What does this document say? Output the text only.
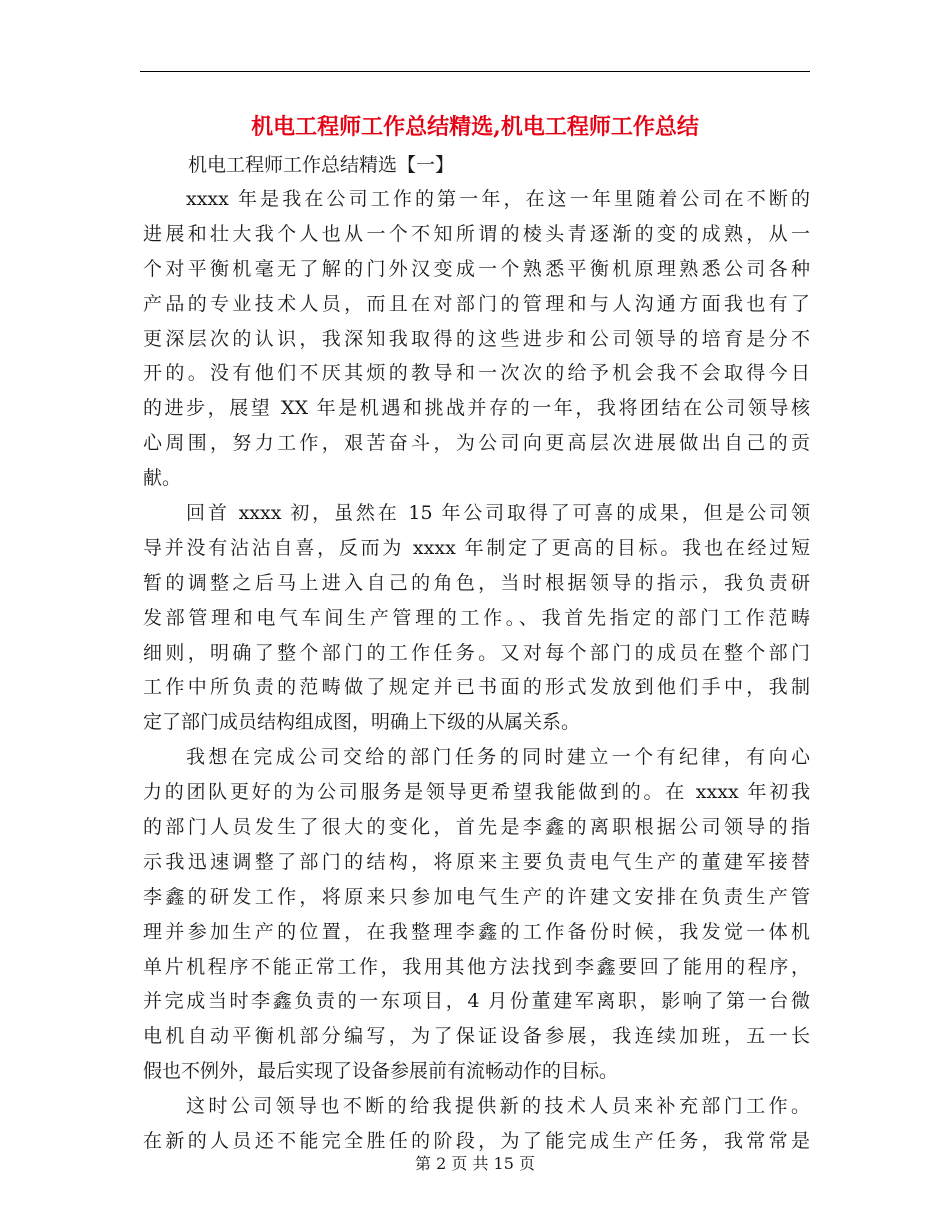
机电工程师工作总结精选,机电工程师工作总结
机电工程师工作总结精选【一】
xxxx 年是我在公司工作的第一年，在这一年里随着公司在不断的
进展和壮大我个人也从一个不知所谓的棱头青逐渐的变的成熟，从一
个对平衡机毫无了解的门外汉变成一个熟悉平衡机原理熟悉公司各种
产品的专业技术人员，而且在对部门的管理和与人沟通方面我也有了
更深层次的认识，我深知我取得的这些进步和公司领导的培育是分不
开的。没有他们不厌其烦的教导和一次次的给予机会我不会取得今日
的进步，展望 XX 年是机遇和挑战并存的一年，我将团结在公司领导核
心周围，努力工作，艰苦奋斗，为公司向更高层次进展做出自己的贡
献。
回首 xxxx 初，虽然在 15 年公司取得了可喜的成果，但是公司领
导并没有沾沾自喜，反而为 xxxx 年制定了更高的目标。我也在经过短
暂的调整之后马上进入自己的角色，当时根据领导的指示，我负责研
发部管理和电气车间生产管理的工作。、我首先指定的部门工作范畴
细则，明确了整个部门的工作任务。又对每个部门的成员在整个部门
工作中所负责的范畴做了规定并已书面的形式发放到他们手中，我制
定了部门成员结构组成图，明确上下级的从属关系。
我想在完成公司交给的部门任务的同时建立一个有纪律，有向心
力的团队更好的为公司服务是领导更希望我能做到的。在 xxxx 年初我
的部门人员发生了很大的变化，首先是李鑫的离职根据公司领导的指
示我迅速调整了部门的结构，将原来主要负责电气生产的董建军接替
李鑫的研发工作，将原来只参加电气生产的许建文安排在负责生产管
理并参加生产的位置，在我整理李鑫的工作备份时候，我发觉一体机
单片机程序不能正常工作，我用其他方法找到李鑫要回了能用的程序，
并完成当时李鑫负责的一东项目，4 月份董建军离职，影响了第一台微
电机自动平衡机部分编写，为了保证设备参展，我连续加班，五一长
假也不例外，最后实现了设备参展前有流畅动作的目标。
这时公司领导也不断的给我提供新的技术人员来补充部门工作。
在新的人员还不能完全胜任的阶段，为了能完成生产任务，我常常是
第 2 页 共 15 页
